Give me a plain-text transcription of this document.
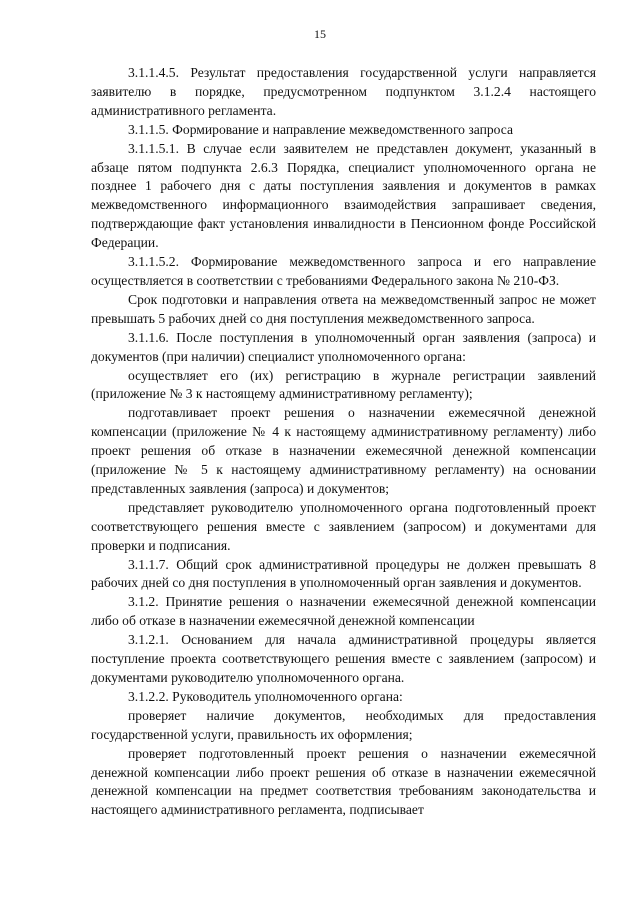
15

3.1.1.4.5. Результат предоставления государственной услуги направляется заявителю в порядке, предусмотренном подпунктом 3.1.2.4 настоящего административного регламента.

3.1.1.5. Формирование и направление межведомственного запроса

3.1.1.5.1. В случае если заявителем не представлен документ, указанный в абзаце пятом подпункта 2.6.3 Порядка, специалист уполномоченного органа не позднее 1 рабочего дня с даты поступления заявления и документов в рамках межведомственного информационного взаимодействия запрашивает сведения, подтверждающие факт установления инвалидности в Пенсионном фонде Российской Федерации.

3.1.1.5.2. Формирование межведомственного запроса и его направление осуществляется в соответствии с требованиями Федерального закона № 210-ФЗ.

Срок подготовки и направления ответа на межведомственный запрос не может превышать 5 рабочих дней со дня поступления межведомственного запроса.

3.1.1.6. После поступления в уполномоченный орган заявления (запроса) и документов (при наличии) специалист уполномоченного органа:

осуществляет его (их) регистрацию в журнале регистрации заявлений (приложение № 3 к настоящему административному регламенту);

подготавливает проект решения о назначении ежемесячной денежной компенсации (приложение № 4 к настоящему административному регламенту) либо проект решения об отказе в назначении ежемесячной денежной компенсации (приложение № 5 к настоящему административному регламенту) на основании представленных заявления (запроса) и документов;

представляет руководителю уполномоченного органа подготовленный проект соответствующего решения вместе с заявлением (запросом) и документами для проверки и подписания.

3.1.1.7. Общий срок административной процедуры не должен превышать 8 рабочих дней со дня поступления в уполномоченный орган заявления и документов.

3.1.2. Принятие решения о назначении ежемесячной денежной компенсации либо об отказе в назначении ежемесячной денежной компенсации

3.1.2.1. Основанием для начала административной процедуры является поступление проекта соответствующего решения вместе с заявлением (запросом) и документами руководителю уполномоченного органа.

3.1.2.2. Руководитель уполномоченного органа:

проверяет наличие документов, необходимых для предоставления государственной услуги, правильность их оформления;

проверяет подготовленный проект решения о назначении ежемесячной денежной компенсации либо проект решения об отказе в назначении ежемесячной денежной компенсации на предмет соответствия требованиям законодательства и настоящего административного регламента, подписывает
